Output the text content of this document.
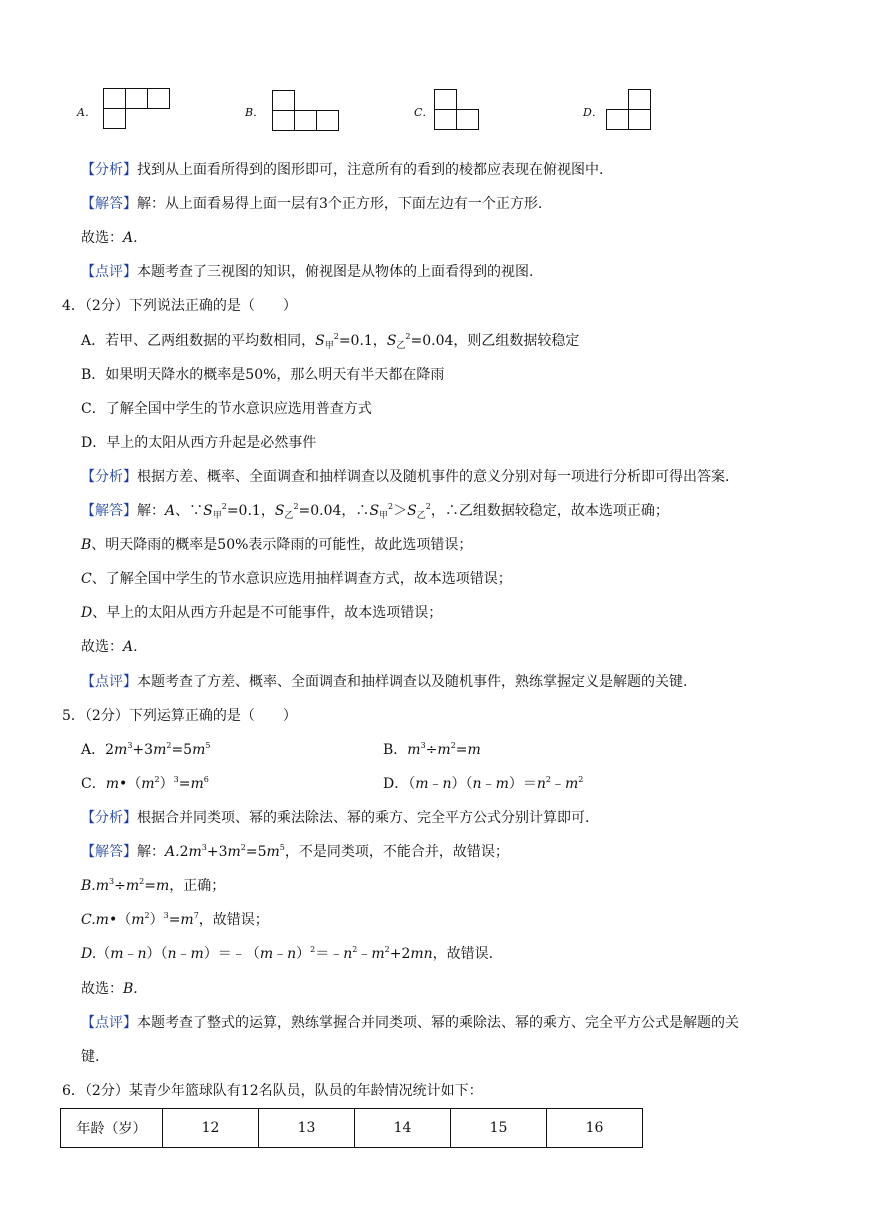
A．	B．	C．	D．
【分析】找到从上面看所得到的图形即可，注意所有的看到的棱都应表现在俯视图中.
【解答】解：从上面看易得上面一层有3个正方形，下面左边有一个正方形.
故选：A.
【点评】本题考查了三视图的知识，俯视图是从物体的上面看得到的视图.
4．（2分）下列说法正确的是（　　）
A．若甲、乙两组数据的平均数相同，$S_甲^2=0.1$，$S_乙^2=0.04$，则乙组数据较稳定
B．如果明天降水的概率是50%，那么明天有半天都在降雨
C．了解全国中学生的节水意识应选用普查方式
D．早上的太阳从西方升起是必然事件
【分析】根据方差、概率、全面调查和抽样调查以及随机事件的意义分别对每一项进行分析即可得出答案.
【解答】解：A、$\because S_甲^2=0.1$，$S_乙^2=0.04$，$\therefore S_甲^2>S_乙^2$，∴乙组数据较稳定，故本选项正确；
B、明天降雨的概率是50%表示降雨的可能性，故此选项错误；
C、了解全国中学生的节水意识应选用抽样调查方式，故本选项错误；
D、早上的太阳从西方升起是不可能事件，故本选项错误；
故选：A.
【点评】本题考查了方差、概率、全面调查和抽样调查以及随机事件，熟练掌握定义是解题的关键.
5．（2分）下列运算正确的是（　　）
A．$2m^3+3m^2=5m^5$	B．$m^3\div m^2=m$
C．$m•(m^2)^3=m^6$	D．$(m﹣n)(n﹣m)=n^2﹣m^2$
【分析】根据合并同类项、幂的乘法除法、幂的乘方、完全平方公式分别计算即可.
【解答】解：$A.2m^3+3m^2=5m^5$，不是同类项，不能合并，故错误；
$B.m^3\div m^2=m$，正确；
$C.m•(m^2)^3=m^7$，故错误；
$D.(m﹣n)(n﹣m)=﹣(m﹣n)^2=﹣n^2﹣m^2+2mn$，故错误.
故选：B.
【点评】本题考查了整式的运算，熟练掌握合并同类项、幂的乘除法、幂的乘方、完全平方公式是解题的关
键.
6．（2分）某青少年篮球队有12名队员，队员的年龄情况统计如下：
年龄（岁）	12	13	14	15	16
